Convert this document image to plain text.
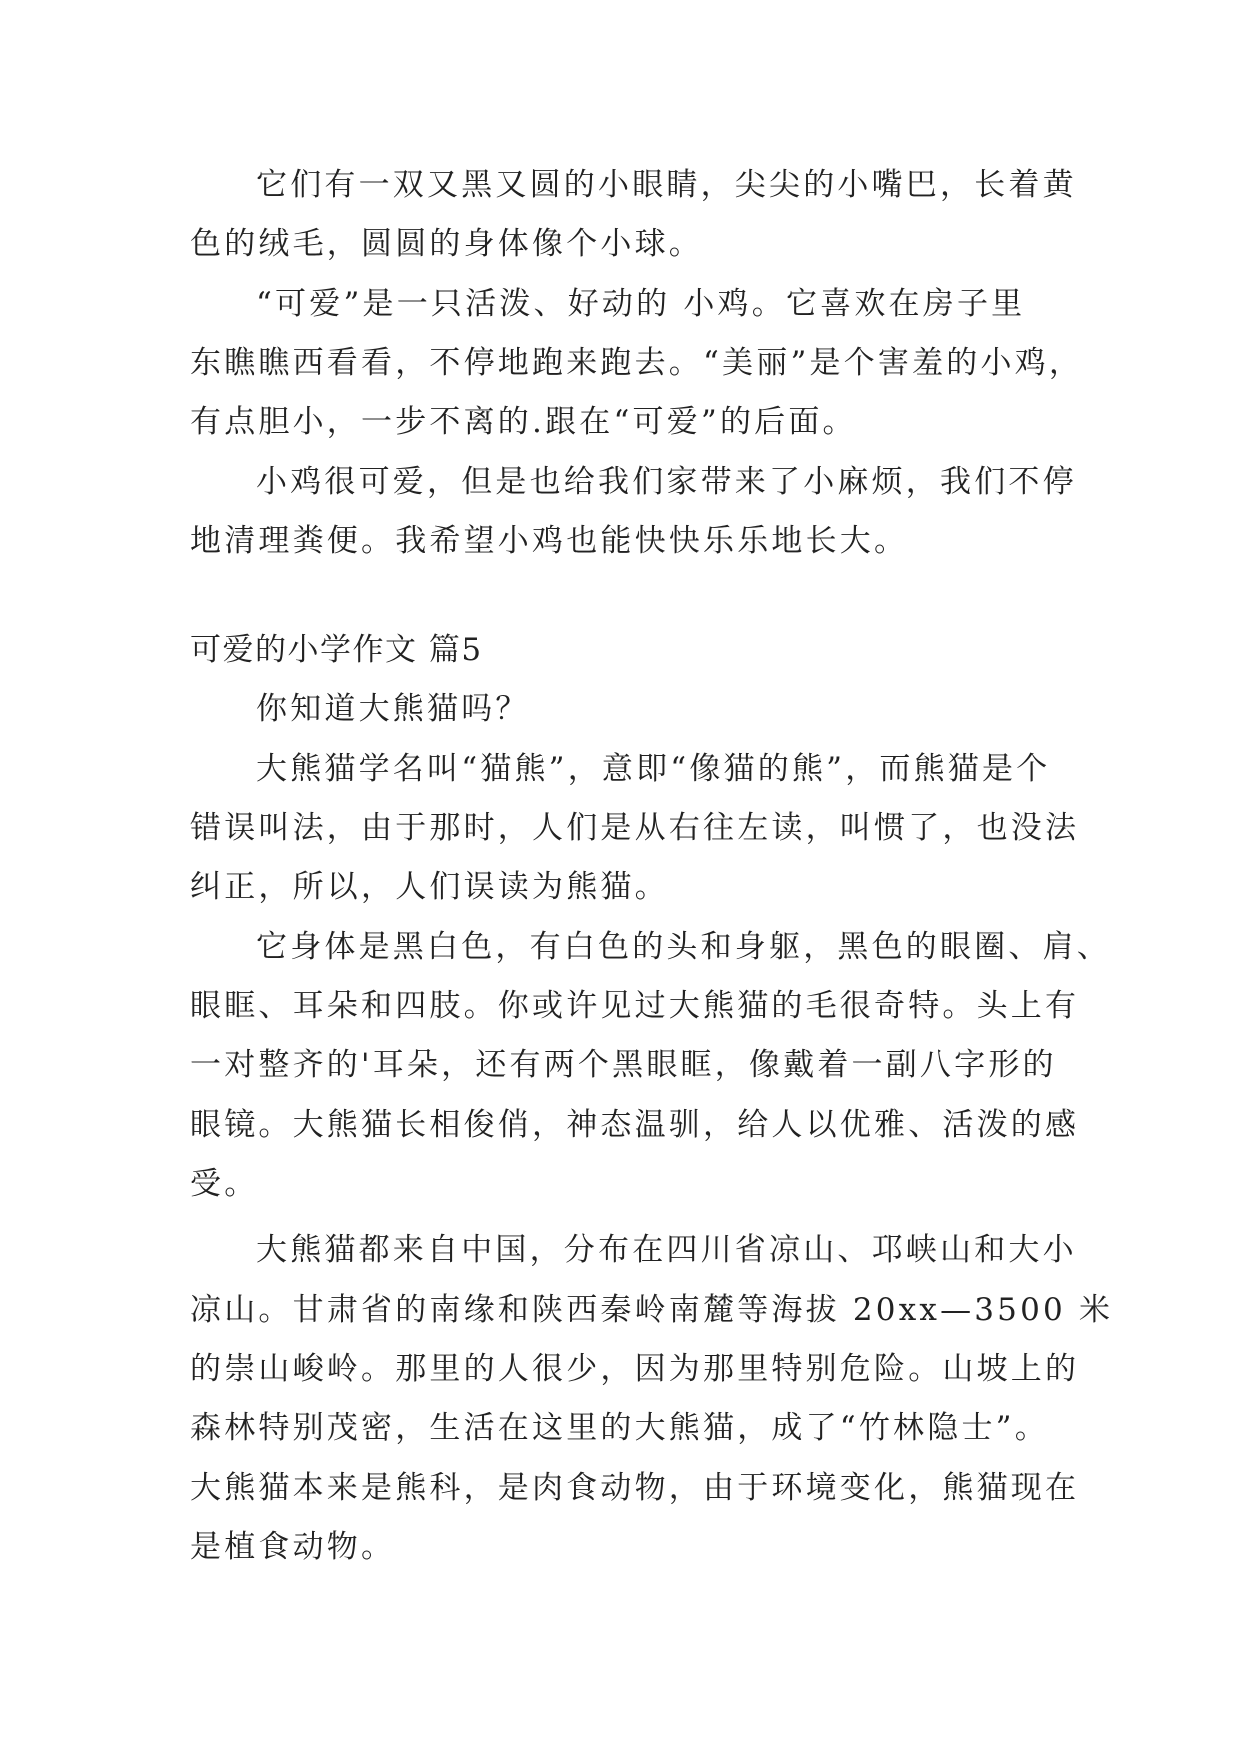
它们有一双又黑又圆的小眼睛，尖尖的小嘴巴，长着黄
色的绒毛，圆圆的身体像个小球。
“可爱”是一只活泼、好动的 小鸡。它喜欢在房子里
东瞧瞧西看看，不停地跑来跑去。“美丽”是个害羞的小鸡，
有点胆小，一步不离的.跟在“可爱”的后面。
小鸡很可爱，但是也给我们家带来了小麻烦，我们不停
地清理粪便。我希望小鸡也能快快乐乐地长大。
可爱的小学作文 篇5
你知道大熊猫吗？
大熊猫学名叫“猫熊”，意即“像猫的熊”，而熊猫是个
错误叫法，由于那时，人们是从右往左读，叫惯了，也没法
纠正，所以，人们误读为熊猫。
它身体是黑白色，有白色的头和身躯，黑色的眼圈、肩、
眼眶、耳朵和四肢。你或许见过大熊猫的毛很奇特。头上有
一对整齐的'耳朵，还有两个黑眼眶，像戴着一副八字形的
眼镜。大熊猫长相俊俏，神态温驯，给人以优雅、活泼的感
受。
大熊猫都来自中国，分布在四川省凉山、邛峡山和大小
凉山。甘肃省的南缘和陕西秦岭南麓等海拔 20xx—3500 米
的崇山峻岭。那里的人很少，因为那里特别危险。山坡上的
森林特别茂密，生活在这里的大熊猫，成了“竹林隐士”。
大熊猫本来是熊科，是肉食动物，由于环境变化，熊猫现在
是植食动物。
